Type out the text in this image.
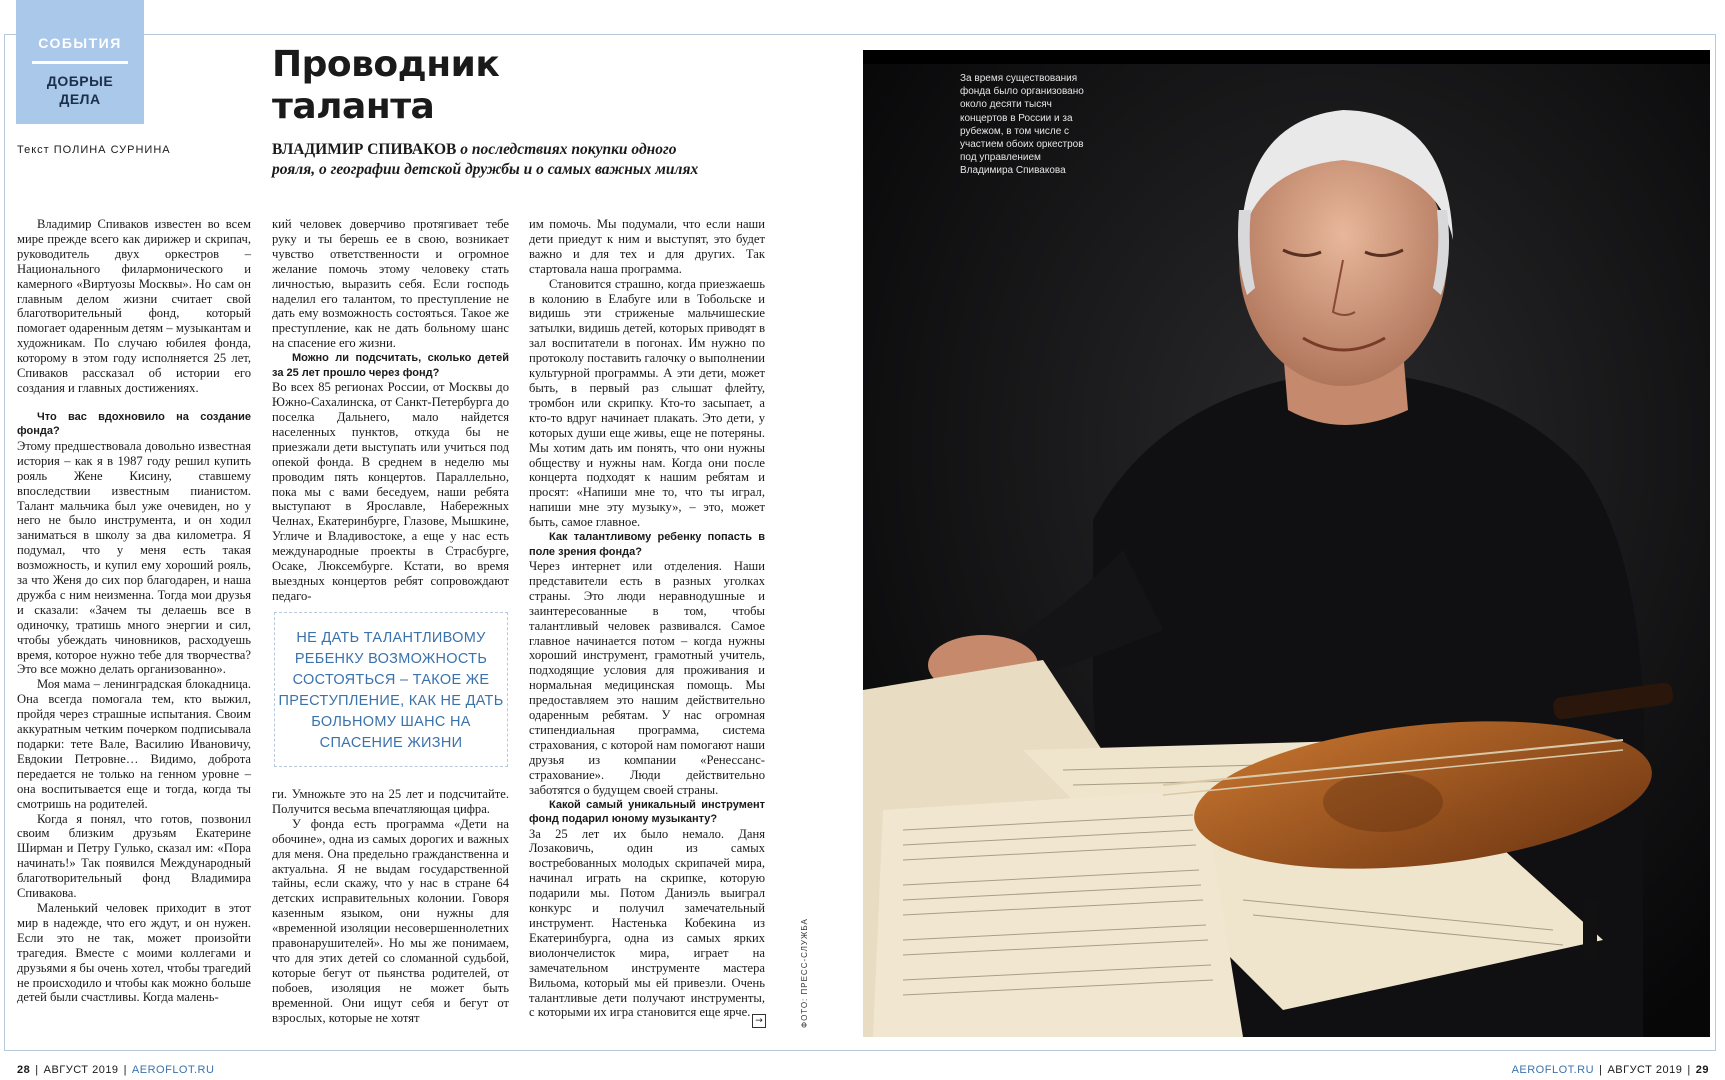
СОБЫТИЯ
ДОБРЫЕ
ДЕЛА
Текст ПОЛИНА СУРНИНА
Проводник
таланта
ВЛАДИМИР СПИВАКОВ о последствиях покупки одного
рояля, о географии детской дружбы и о самых важных милях

Владимир Спиваков известен во всем мире прежде всего как дирижер и скрипач, руководитель двух оркестров – Национального филармонического и камерного «Виртуозы Москвы». Но сам он главным делом жизни считает свой благотворительный фонд, который помогает одаренным детям – музыкантам и художникам. По случаю юбилея фонда, которому в этом году исполняется 25 лет, Спиваков рассказал об истории его создания и главных достижениях.

Что вас вдохновило на создание фонда?

Этому предшествовала довольно известная история – как я в 1987 году решил купить рояль Жене Кисину, ставшему впоследствии известным пианистом. Талант мальчика был уже очевиден, но у него не было инструмента, и он ходил заниматься в школу за два километра. Я подумал, что у меня есть такая возможность, и купил ему хороший рояль, за что Женя до сих пор благодарен, и наша дружба с ним неизменна. Тогда мои друзья и сказали: «Зачем ты делаешь все в одиночку, тратишь много энергии и сил, чтобы убеждать чиновников, расходуешь время, которое нужно тебе для творчества? Это все можно делать организованно».

Моя мама – ленинградская блокадница. Она всегда помогала тем, кто выжил, пройдя через страшные испытания. Своим аккуратным четким почерком подписывала подарки: тете Вале, Василию Ивановичу, Евдокии Петровне… Видимо, доброта передается не только на генном уровне – она воспитывается еще и тогда, когда ты смотришь на родителей.

Когда я понял, что готов, позвонил своим близким друзьям Екатерине Ширман и Петру Гулько, сказал им: «Пора начинать!» Так появился Международный благотворительный фонд Владимира Спивакова.

Маленький человек приходит в этот мир в надежде, что его ждут, и он нужен. Если это не так, может произойти трагедия. Вместе с моими коллегами и друзьями я бы очень хотел, чтобы трагедий не происходило и чтобы как можно больше детей были счастливы. Когда малень-

кий человек доверчиво протягивает тебе руку и ты берешь ее в свою, возникает чувство ответственности и огромное желание помочь этому человеку стать личностью, выразить себя. Если господь наделил его талантом, то преступление не дать ему возможность состояться. Такое же преступление, как не дать больному шанс на спасение его жизни.

Можно ли подсчитать, сколько детей за 25 лет прошло через фонд?

Во всех 85 регионах России, от Москвы до Южно-Сахалинска, от Санкт-Петербурга до поселка Дальнего, мало найдется населенных пунктов, откуда бы не приезжали дети выступать или учиться под опекой фонда. В среднем в неделю мы проводим пять концертов. Параллельно, пока мы с вами беседуем, наши ребята выступают в Ярославле, Набережных Челнах, Екатеринбурге, Глазове, Мышкине, Угличе и Владивостоке, а еще у нас есть международные проекты в Страсбурге, Осаке, Люксембурге. Кстати, во время выездных концертов ребят сопровождают педаго-

НЕ ДАТЬ ТАЛАНТЛИВОМУ РЕБЕНКУ ВОЗМОЖНОСТЬ СОСТОЯТЬСЯ – ТАКОЕ ЖЕ ПРЕСТУПЛЕНИЕ, КАК НЕ ДАТЬ БОЛЬНОМУ ШАНС НА СПАСЕНИЕ ЖИЗНИ

ги. Умножьте это на 25 лет и подсчитайте. Получится весьма впечатляющая цифра.

У фонда есть программа «Дети на обочине», одна из самых дорогих и важных для меня. Она предельно гражданственна и актуальна. Я не выдам государственной тайны, если скажу, что у нас в стране 64 детских исправительных колонии. Говоря казенным языком, они нужны для «временной изоляции несовершеннолетних правонарушителей». Но мы же понимаем, что для этих детей со сломанной судьбой, которые бегут от пьянства родителей, от побоев, изоляция не может быть временной. Они ищут себя и бегут от взрослых, которые не хотят

им помочь. Мы подумали, что если наши дети приедут к ним и выступят, это будет важно и для тех и для других. Так стартовала наша программа.

Становится страшно, когда приезжаешь в колонию в Елабуге или в Тобольске и видишь эти стриженые мальчишеские затылки, видишь детей, которых приводят в зал воспитатели в погонах. Им нужно по протоколу поставить галочку о выполнении культурной программы. А эти дети, может быть, в первый раз слышат флейту, тромбон или скрипку. Кто-то засыпает, а кто-то вдруг начинает плакать. Это дети, у которых души еще живы, еще не потеряны. Мы хотим дать им понять, что они нужны обществу и нужны нам. Когда они после концерта подходят к нашим ребятам и просят: «Напиши мне то, что ты играл, напиши мне эту музыку», – это, может быть, самое главное.

Как талантливому ребенку попасть в поле зрения фонда?

Через интернет или отделения. Наши представители есть в разных уголках страны. Это люди неравнодушные и заинтересованные в том, чтобы талантливый человек развивался. Самое главное начинается потом – когда нужны хороший инструмент, грамотный учитель, подходящие условия для проживания и нормальная медицинская помощь. Мы предоставляем это нашим действительно одаренным ребятам. У нас огромная стипендиальная программа, система страхования, с которой нам помогают наши друзья из компании «Ренессанс-страхование». Люди действительно заботятся о будущем своей страны.

Какой самый уникальный инструмент фонд подарил юному музыканту?

За 25 лет их было немало. Даня Лозаковичь, один из самых востребованных молодых скрипачей мира, начинал играть на скрипке, которую подарили мы. Потом Даниэль выиграл конкурс и получил замечательный инструмент. Настенька Кобекина из Екатеринбурга, одна из самых ярких виолончелисток мира, играет на замечательном инструменте мастера Вильома, который мы ей привезли. Очень талантливые дети получают инструменты, с которыми их игра становится еще ярче.

→	ФОТО: ПРЕСС-СЛУЖБА
За время существования фонда было организовано около десяти тысяч концертов в России и за рубежом, в том числе с участием обоих оркестров под управлением Владимира Спивакова
28 | АВГУСТ 2019 | AEROFLOT.RU	AEROFLOT.RU | АВГУСТ 2019 | 29
